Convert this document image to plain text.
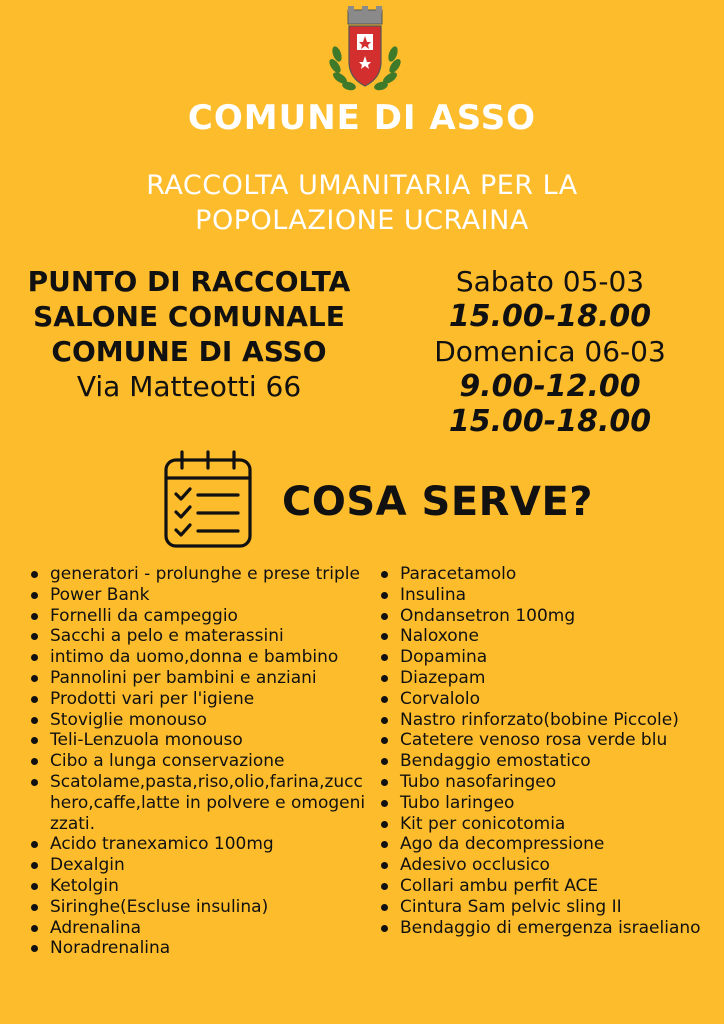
COMUNE DI ASSO
RACCOLTA UMANITARIA PER LA
POPOLAZIONE UCRAINA
PUNTO DI RACCOLTA
SALONE COMUNALE
COMUNE DI ASSO
Via Matteotti 66
Sabato 05-03
15.00-18.00
Domenica 06-03
9.00-12.00
15.00-18.00
COSA SERVE?
generatori - prolunghe e prese triple
Power Bank
Fornelli da campeggio
Sacchi a pelo e materassini
intimo da uomo,donna e bambino
Pannolini per bambini e anziani
Prodotti vari per l'igiene
Stoviglie monouso
Teli-Lenzuola monouso
Cibo a lunga conservazione
Scatolame,pasta,riso,olio,farina,zucchero,caffe,latte in polvere e omogenizzati.
Acido tranexamico 100mg
Dexalgin
Ketolgin
Siringhe(Escluse insulina)
Adrenalina
Noradrenalina
Paracetamolo
Insulina
Ondansetron 100mg
Naloxone
Dopamina
Diazepam
Corvalolo
Nastro rinforzato(bobine Piccole)
Catetere venoso rosa verde blu
Bendaggio emostatico
Tubo nasofaringeo
Tubo laringeo
Kit per conicotomia
Ago da decompressione
Adesivo occlusico
Collari ambu perfit ACE
Cintura Sam pelvic sling II
Bendaggio di emergenza israeliano
